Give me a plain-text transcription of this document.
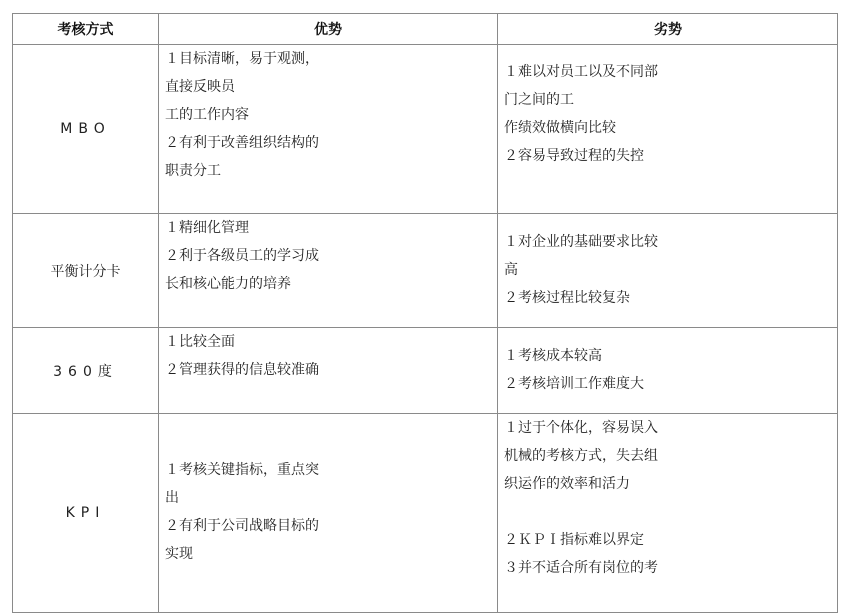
考核方式	优势	劣势
MBO
１目标清晰，易于观测，
直接反映员
工的工作内容
２有利于改善组织结构的
职责分工
１难以对员工以及不同部
门之间的工
作绩效做横向比较
２容易导致过程的失控
平衡计分卡
１精细化管理
２利于各级员工的学习成
长和核心能力的培养
１对企业的基础要求比较
高
２考核过程比较复杂
360度
１比较全面
２管理获得的信息较准确
１考核成本较高
２考核培训工作难度大
KPI
１考核关键指标，重点突
出
２有利于公司战略目标的
实现
１过于个体化，容易误入
机械的考核方式，失去组
织运作的效率和活力
２ＫＰＩ指标难以界定
３并不适合所有岗位的考
